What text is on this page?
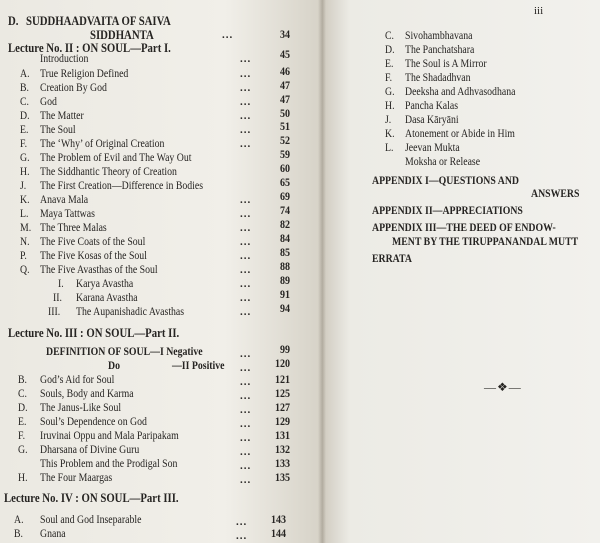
D. SUDDHAADVAITA OF SAIVA
SIDDHANTA	...	34
Lecture No. II : ON SOUL—Part I.
Introduction	...	45
A. True Religion Defined	...	46
B. Creation By God	...	47
C. God	...	47
D. The Matter	...	50
E. The Soul	...	51
F. The ‘Why’ of Original Creation	...	52
G. The Problem of Evil and The Way Out	59
H. The Siddhantic Theory of Creation	60
J. The First Creation—Difference in Bodies	65
K. Anava Mala	...	69
L. Maya Tattwas	...	74
M. The Three Malas	...	82
N. The Five Coats of the Soul	...	84
P. The Five Kosas of the Soul	...	85
Q. The Five Avasthas of the Soul	...	88
I. Karya Avastha	...	89
II. Karana Avastha	...	91
III. The Aupanishadic Avasthas	...	94
Lecture No. III : ON SOUL—Part II.
DEFINITION OF SOUL—I Negative	...	99
Do	—II Positive ...	120
B. God’s Aid for Soul	...	121
C. Souls, Body and Karma	...	125
D. The Janus-Like Soul	...	127
E. Soul’s Dependence on God	...	129
F. Iruvinai Oppu and Mala Paripakam	...	131
G. Dharsana of Divine Guru	...	132
This Problem and the Prodigal Son	...	133
H. The Four Maargas	...	135
Lecture No. IV : ON SOUL—Part III.
A. Soul and God Inseparable	...	143
B. Gnana	...	144
iii
C. Sivohambhavana
D. The Panchatshara
E. The Soul is A Mirror
F. The Shadadhvan
G. Deeksha and Adhvasodhana
H. Pancha Kalas
J. Dasa Kāryāni
K. Atonement or Abide in Him
L. Jeevan Mukta
Moksha or Release
APPENDIX I—QUESTIONS AND
ANSWERS
APPENDIX II—APPRECIATIONS
APPENDIX III—THE DEED OF ENDOW-
MENT BY THE TIRUPPANANDAL MUTT
ERRATA
—❖—
